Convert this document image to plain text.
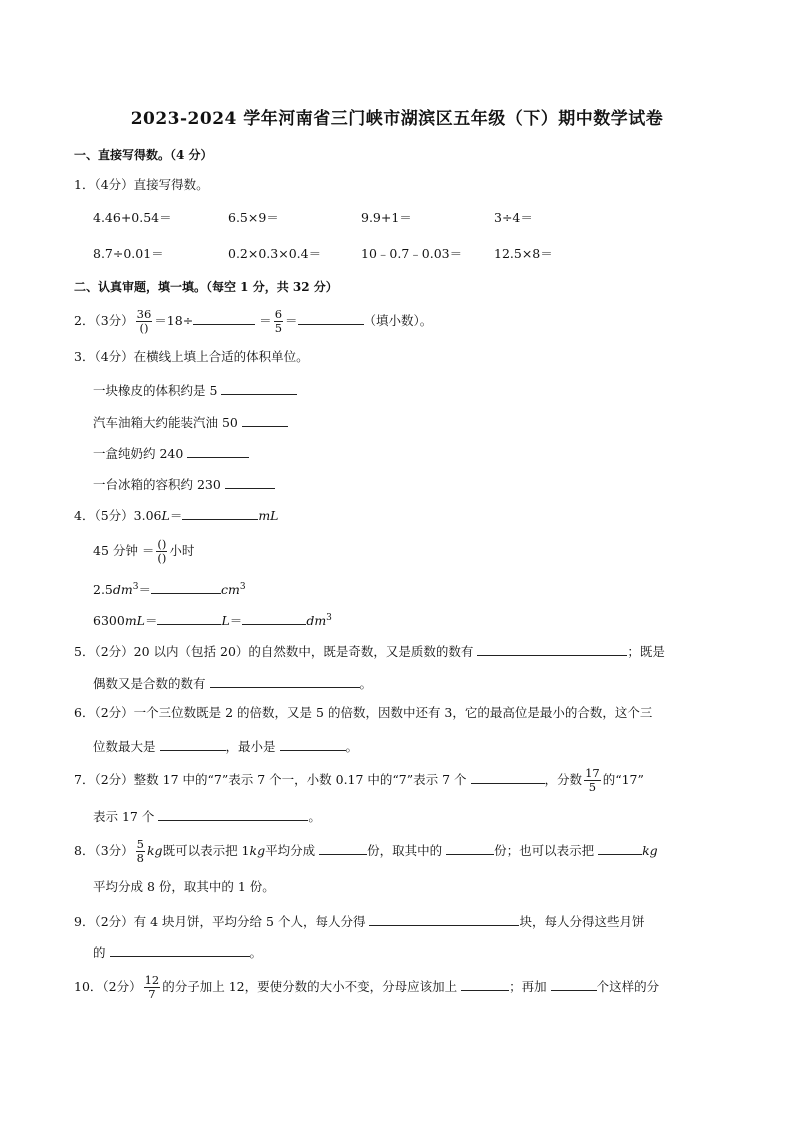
2023-2024 学年河南省三门峡市湖滨区五年级（下）期中数学试卷
一、直接写得数。（4 分）
1．（4分）直接写得数。
4.46+0.54＝	6.5×9＝	9.9+1＝	3÷4＝
8.7÷0.01＝	0.2×0.3×0.4＝	10﹣0.7﹣0.03＝	12.5×8＝
二、认真审题，填一填。（每空 1 分，共 32 分）
2．（3分） $\frac{36}{()} =18\div$	＝ $\frac{6}{5}$ ＝	（填小数）。
3．（4分）在横线上填上合适的体积单位。
一块橡皮的体积约是 5
汽车油箱大约能装汽油 50
一盒纯奶约 240
一台冰箱的容积约 230
4．（5分）3.06L＝	mL
45 分钟 ＝ $\frac{()}{()}$ 小时
$2.5dm^3=$	$cm^3$
6300mL＝	L＝	$dm^3$
5．（2分）20 以内（包括 20）的自然数中，既是奇数，又是质数的数有	；既是
偶数又是合数的数有	。
6．（2分）一个三位数既是 2 的倍数，又是 5 的倍数，因数中还有 3，它的最高位是最小的合数，这个三
位数最大是	，最小是	。
7．（2分）整数 17 中的“7”表示 7 个一，小数 0.17 中的“7”表示 7 个	，分数 $\frac{17}{5}$ 的“17”
表示 17 个	。
8．（3分） $\frac{5}{8}$ kg既可以表示把 1kg平均分成	份，取其中的	份；也可以表示把	kg
平均分成 8 份，取其中的 1 份。
9．（2分）有 4 块月饼，平均分给 5 个人，每人分得	块，每人分得这些月饼
的	。
10．（2分） $\frac{12}{7}$ 的分子加上 12，要使分数的大小不变，分母应该加上	；再加	个这样的分
